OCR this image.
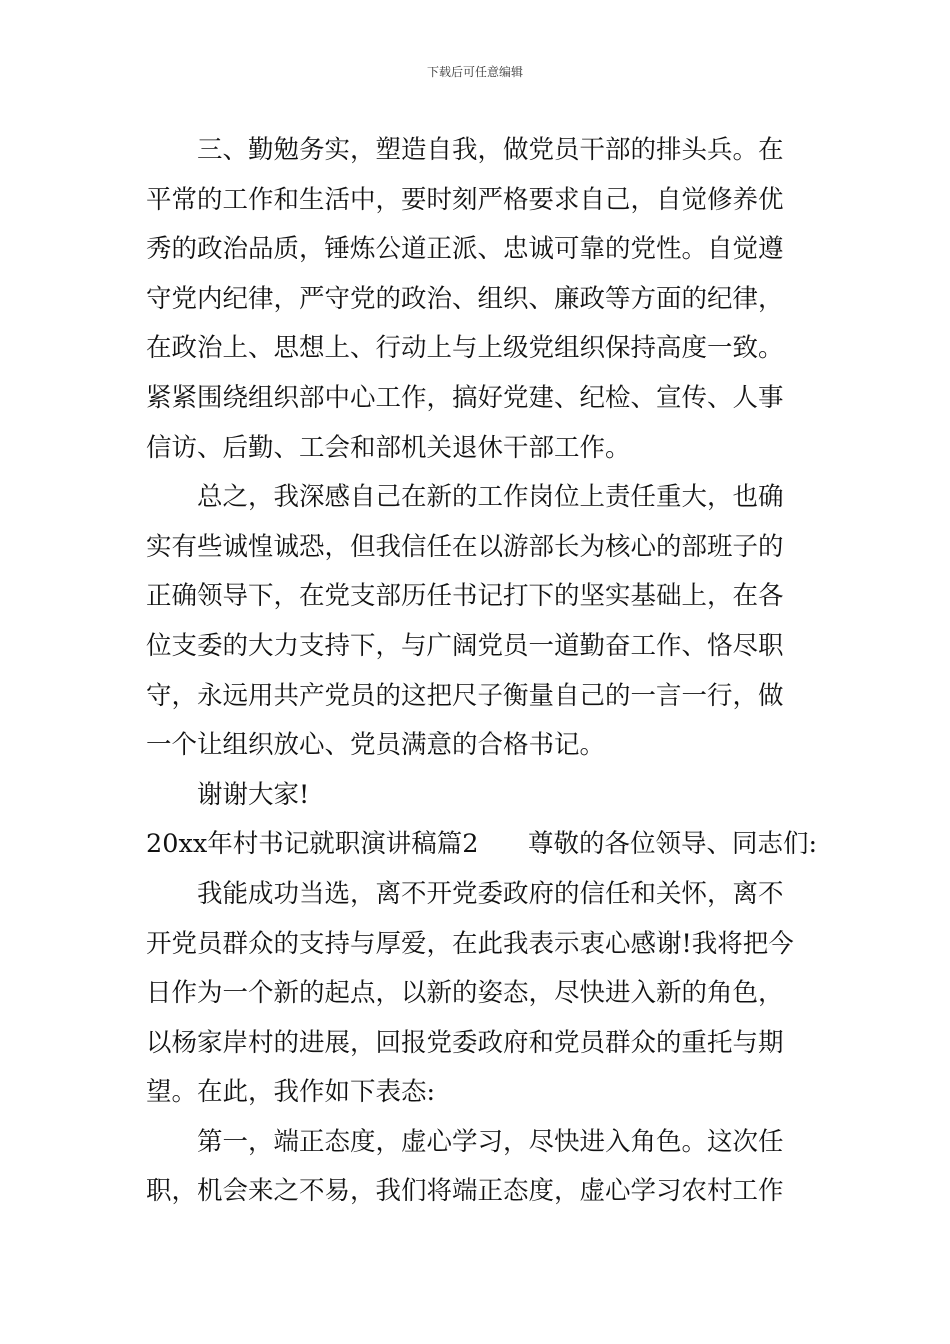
下载后可任意编辑
三、勤勉务实，塑造自我，做党员干部的排头兵。在
平常的工作和生活中，要时刻严格要求自己，自觉修养优
秀的政治品质，锤炼公道正派、忠诚可靠的党性。自觉遵
守党内纪律，严守党的政治、组织、廉政等方面的纪律，
在政治上、思想上、行动上与上级党组织保持高度一致。
紧紧围绕组织部中心工作，搞好党建、纪检、宣传、人事
信访、后勤、工会和部机关退休干部工作。
总之，我深感自己在新的工作岗位上责任重大，也确
实有些诚惶诚恐，但我信任在以游部长为核心的部班子的
正确领导下，在党支部历任书记打下的坚实基础上，在各
位支委的大力支持下，与广阔党员一道勤奋工作、恪尽职
守，永远用共产党员的这把尺子衡量自己的一言一行，做
一个让组织放心、党员满意的合格书记。
谢谢大家!
20xx年村书记就职演讲稿篇2 尊敬的各位领导、同志们:
我能成功当选，离不开党委政府的信任和关怀，离不
开党员群众的支持与厚爱，在此我表示衷心感谢!我将把今
日作为一个新的起点，以新的姿态，尽快进入新的角色，
以杨家岸村的进展，回报党委政府和党员群众的重托与期
望。在此，我作如下表态:
第一，端正态度，虚心学习，尽快进入角色。这次任
职，机会来之不易，我们将端正态度，虚心学习农村工作
